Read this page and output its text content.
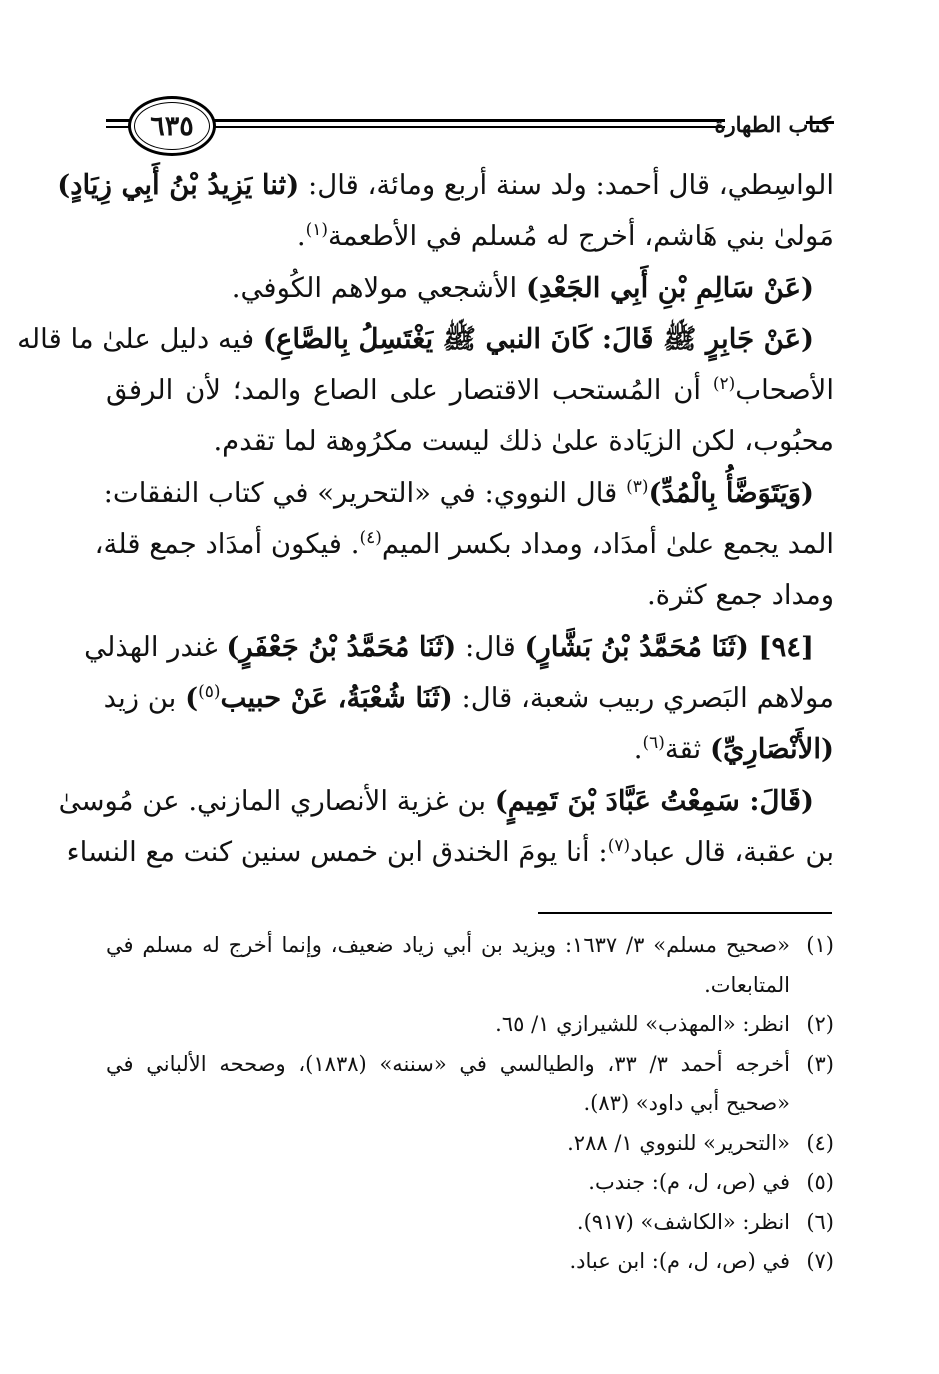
كتاب الطهارة
٦٣٥
الواسِطي، قال أحمد: ولد سنة أربع ومائة، قال: (ثنا يَزِيدُ بْنُ أَبِي زِيَادٍ)
مَولىٰ بني هَاشم، أخرج له مُسلم في الأطعمة$^{(١)}$.
(عَنْ سَالِمِ بْنِ أَبِي الجَعْدِ) الأشجعي مولاهم الكُوفي.
(عَنْ جَابِرٍ ﷺ قَالَ: كَانَ النبي ﷺ يَغْتَسِلُ بِالصَّاعِ) فيه دليل علىٰ ما قاله
الأصحاب$^{(٢)}$ أن المُستحب الاقتصار على الصاع والمد؛ لأن الرفق
محبُوب، لكن الزيَادة علىٰ ذلك ليست مكرُوهة لما تقدم.
(وَيَتَوَضَّأُ بِالْمُدِّ)$^{(٣)}$ قال النووي: في «التحرير» في كتاب النفقات:
المد يجمع علىٰ أمدَاد، ومداد بكسر الميم$^{(٤)}$. فيكون أمدَاد جمع قلة،
ومداد جمع كثرة.
[٩٤] (ثَنَا مُحَمَّدُ بْنُ بَشَّارٍ) قال: (ثَنَا مُحَمَّدُ بْنُ جَعْفَرٍ) غندر الهذلي
مولاهم البَصري ربيب شعبة، قال: (ثَنَا شُعْبَةُ، عَنْ حبيب$^{(٥)}$) بن زيد
(الأَنْصَارِيِّ) ثقة$^{(٦)}$.
(قَالَ: سَمِعْتُ عَبَّادَ بْنَ تَمِيمٍ) بن غزية الأنصاري المازني. عن مُوسىٰ
بن عقبة، قال عباد$^{(٧)}$: أنا يومَ الخندق ابن خمس سنين كنت مع النساء
(١)«صحيح مسلم» ٣/ ١٦٣٧: ويزيد بن أبي زياد ضعيف، وإنما أخرج له مسلم في
المتابعات.
(٢)انظر: «المهذب» للشيرازي ١/ ٦٥.
(٣)أخرجه أحمد ٣/ ٣٣، والطيالسي في «سننه» (١٨٣٨)، وصححه الألباني في
«صحيح أبي داود» (٨٣).
(٤)«التحرير» للنووي ١/ ٢٨٨.
(٥)في (ص، ل، م): جندب.
(٦)انظر: «الكاشف» (٩١٧).
(٧)في (ص، ل، م): ابن عباد.
